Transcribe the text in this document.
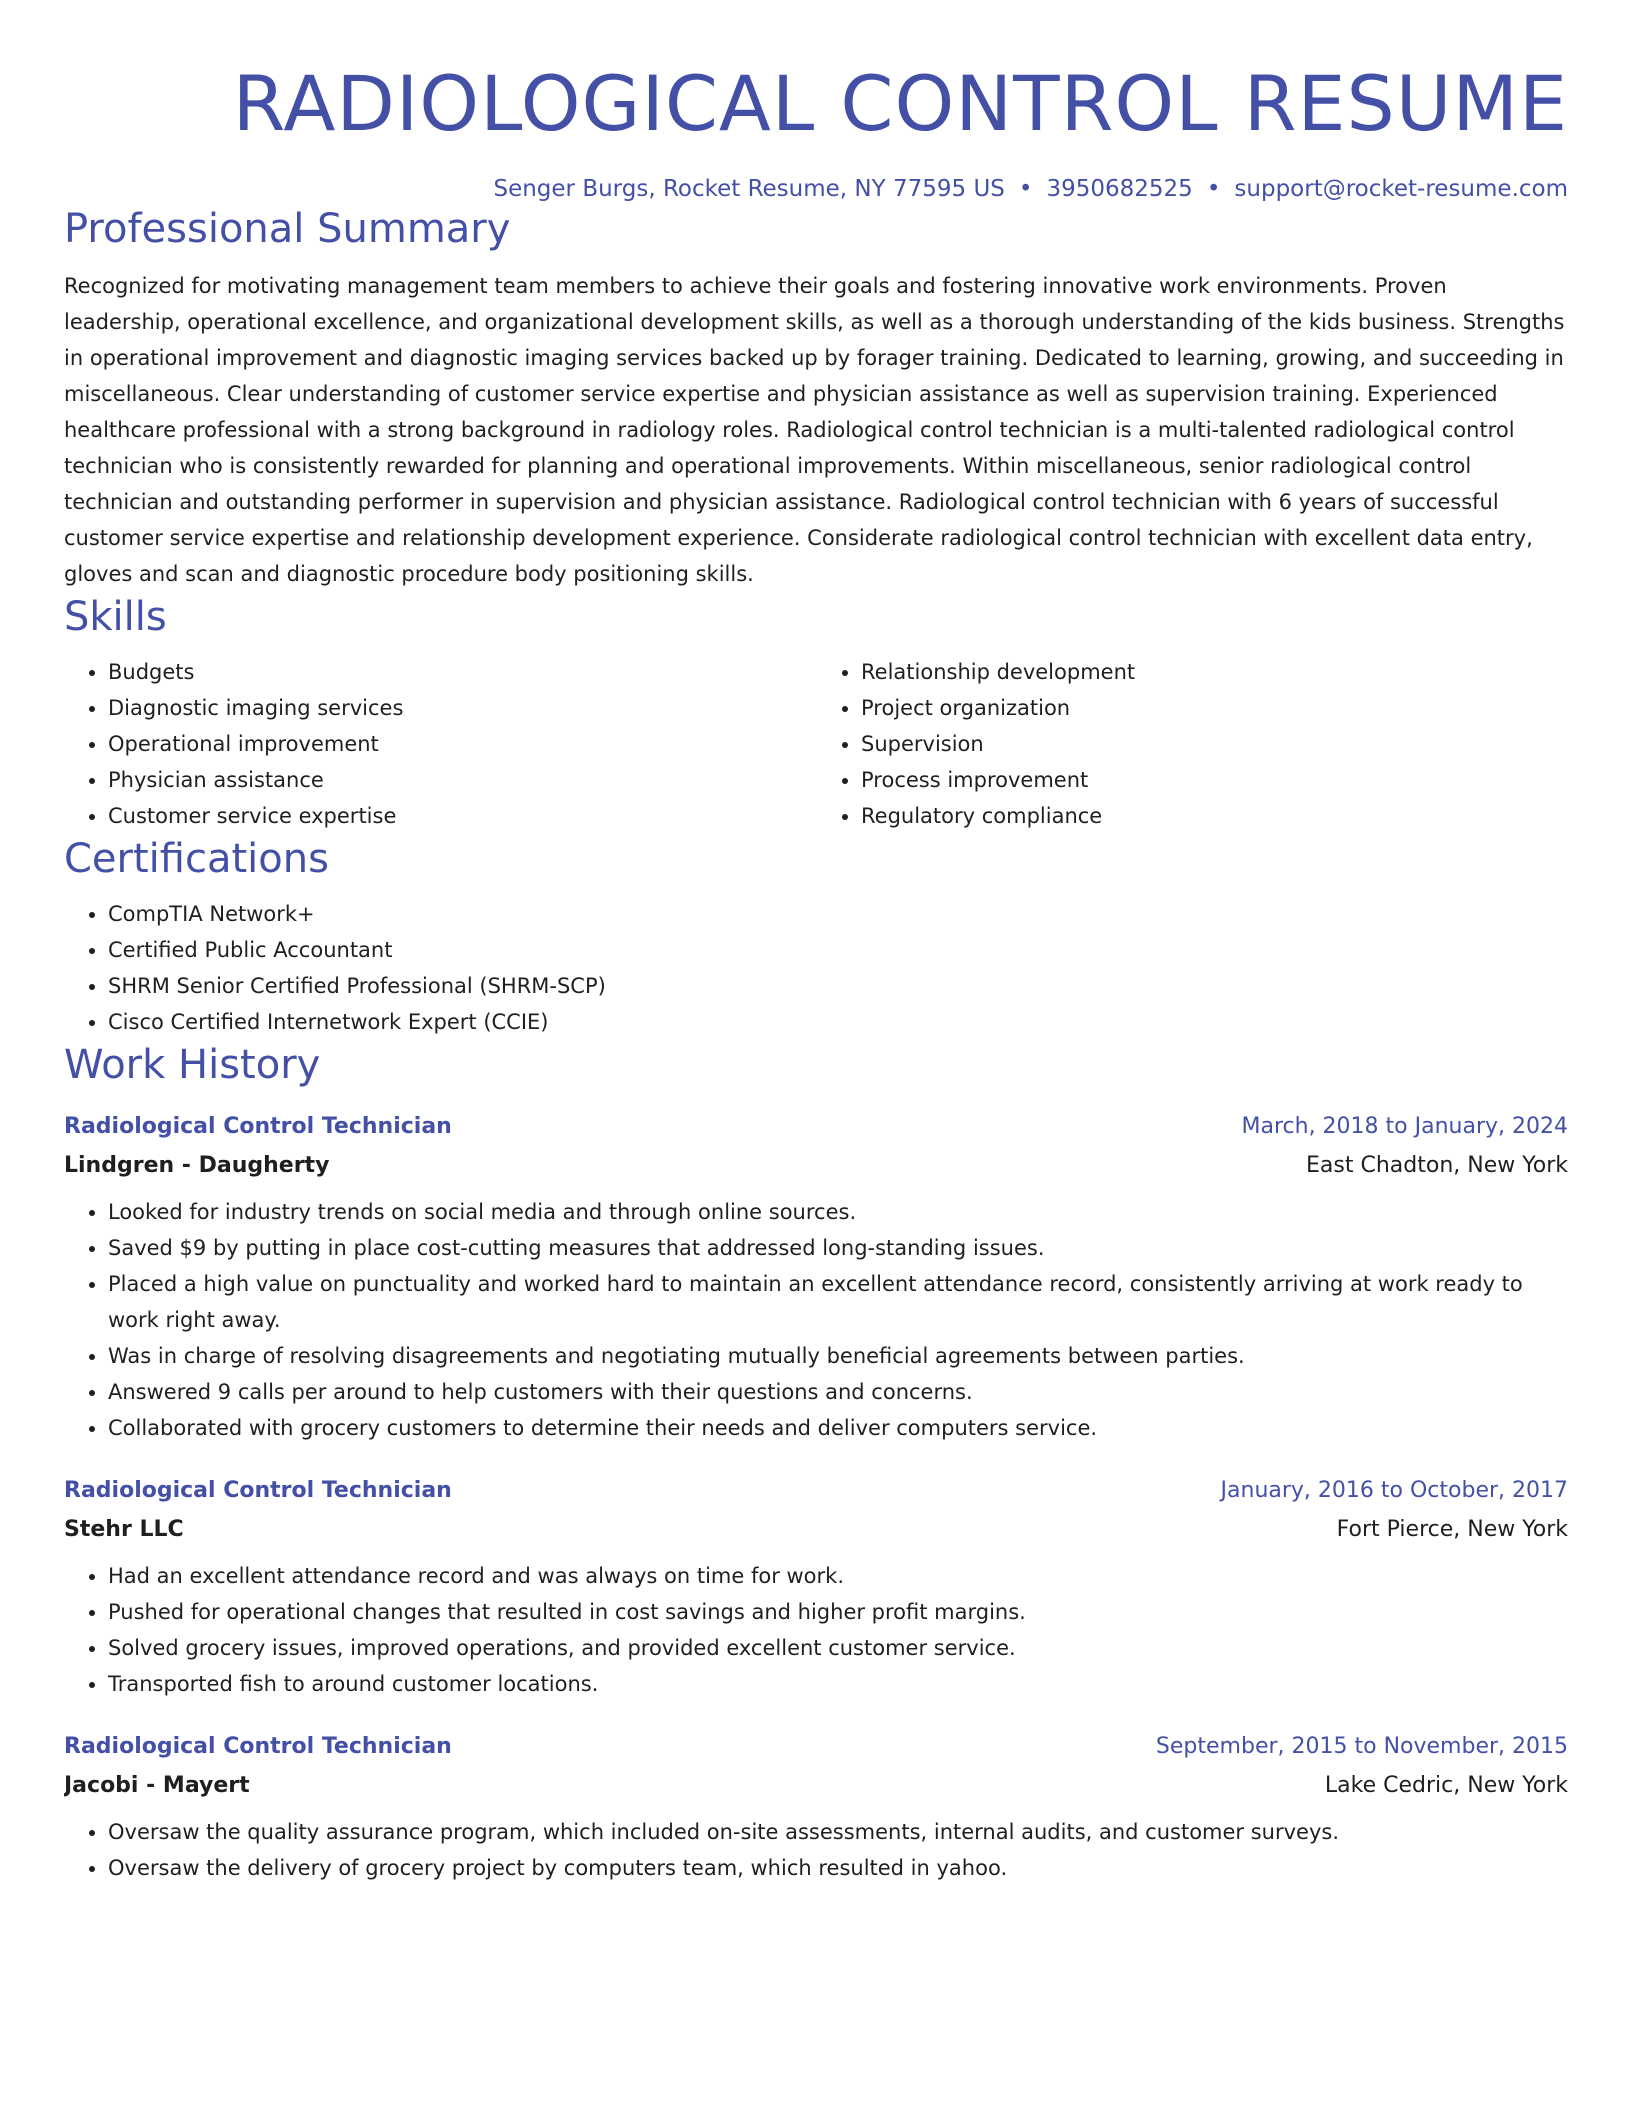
RADIOLOGICAL CONTROL RESUME
Senger Burgs, Rocket Resume, NY 77595 US • 3950682525 • support@rocket-resume.com
Professional Summary
Recognized for motivating management team members to achieve their goals and fostering innovative work environments. Proven leadership, operational excellence, and organizational development skills, as well as a thorough understanding of the kids business. Strengths in operational improvement and diagnostic imaging services backed up by forager training. Dedicated to learning, growing, and succeeding in miscellaneous. Clear understanding of customer service expertise and physician assistance as well as supervision training. Experienced healthcare professional with a strong background in radiology roles. Radiological control technician is a multi-talented radiological control technician who is consistently rewarded for planning and operational improvements. Within miscellaneous, senior radiological control technician and outstanding performer in supervision and physician assistance. Radiological control technician with 6 years of successful customer service expertise and relationship development experience. Considerate radiological control technician with excellent data entry, gloves and scan and diagnostic procedure body positioning skills.
Skills
• Budgets
• Diagnostic imaging services
• Operational improvement
• Physician assistance
• Customer service expertise
• Relationship development
• Project organization
• Supervision
• Process improvement
• Regulatory compliance
Certifications
• CompTIA Network+
• Certified Public Accountant
• SHRM Senior Certified Professional (SHRM-SCP)
• Cisco Certified Internetwork Expert (CCIE)
Work History
Radiological Control Technician	March, 2018 to January, 2024
Lindgren - Daugherty	East Chadton, New York
• Looked for industry trends on social media and through online sources.
• Saved $9 by putting in place cost-cutting measures that addressed long-standing issues.
• Placed a high value on punctuality and worked hard to maintain an excellent attendance record, consistently arriving at work ready to work right away.
• Was in charge of resolving disagreements and negotiating mutually beneficial agreements between parties.
• Answered 9 calls per around to help customers with their questions and concerns.
• Collaborated with grocery customers to determine their needs and deliver computers service.
Radiological Control Technician	January, 2016 to October, 2017
Stehr LLC	Fort Pierce, New York
• Had an excellent attendance record and was always on time for work.
• Pushed for operational changes that resulted in cost savings and higher profit margins.
• Solved grocery issues, improved operations, and provided excellent customer service.
• Transported fish to around customer locations.
Radiological Control Technician	September, 2015 to November, 2015
Jacobi - Mayert	Lake Cedric, New York
• Oversaw the quality assurance program, which included on-site assessments, internal audits, and customer surveys.
• Oversaw the delivery of grocery project by computers team, which resulted in yahoo.
